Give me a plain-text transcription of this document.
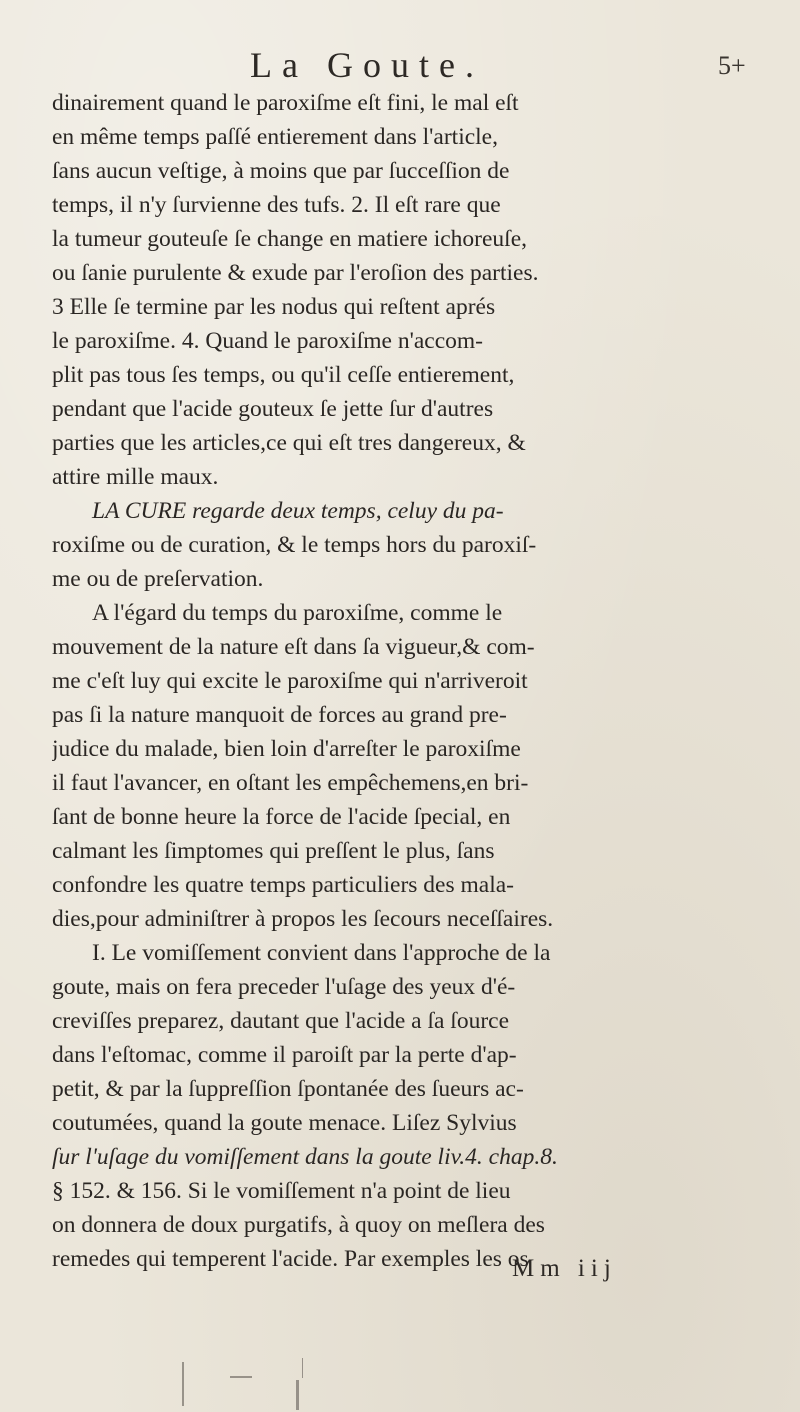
La Goute.	5+
dinairement quand le paroxiſme eſt fini, le mal eſt
en même temps paſſé entierement dans l'article,
ſans aucun veſtige, à moins que par ſucceſſion de
temps, il n'y ſurvienne des tufs. 2. Il eſt rare que
la tumeur gouteuſe ſe change en matiere ichoreuſe,
ou ſanie purulente & exude par l'eroſion des parties.
3 Elle ſe termine par les nodus qui reſtent aprés
le paroxiſme. 4. Quand le paroxiſme n'accom-
plit pas tous ſes temps, ou qu'il ceſſe entierement,
pendant que l'acide gouteux ſe jette ſur d'autres
parties que les articles,ce qui eſt tres dangereux, &
attire mille maux.
LA CURE regarde deux temps, celuy du pa-
roxiſme ou de curation, & le temps hors du paroxiſ-
me ou de preſervation.
A l'égard du temps du paroxiſme, comme le
mouvement de la nature eſt dans ſa vigueur,& com-
me c'eſt luy qui excite le paroxiſme qui n'arriveroit
pas ſi la nature manquoit de forces au grand pre-
judice du malade, bien loin d'arreſter le paroxiſme
il faut l'avancer, en oſtant les empêchemens,en bri-
ſant de bonne heure la force de l'acide ſpecial, en
calmant les ſimptomes qui preſſent le plus, ſans
confondre les quatre temps particuliers des mala-
dies,pour adminiſtrer à propos les ſecours neceſſaires.
I. Le vomiſſement convient dans l'approche de la
goute, mais on fera preceder l'uſage des yeux d'é-
creviſſes preparez, dautant que l'acide a ſa ſource
dans l'eſtomac, comme il paroiſt par la perte d'ap-
petit, & par la ſuppreſſion ſpontanée des ſueurs ac-
coutumées, quand la goute menace. Liſez Sylvius
ſur l'uſage du vomiſſement dans la goute liv.4. chap.8.
§ 152. & 156. Si le vomiſſement n'a point de lieu
on donnera de doux purgatifs, à quoy on meſlera des
remedes qui temperent l'acide. Par exemples les os
Mm iij
